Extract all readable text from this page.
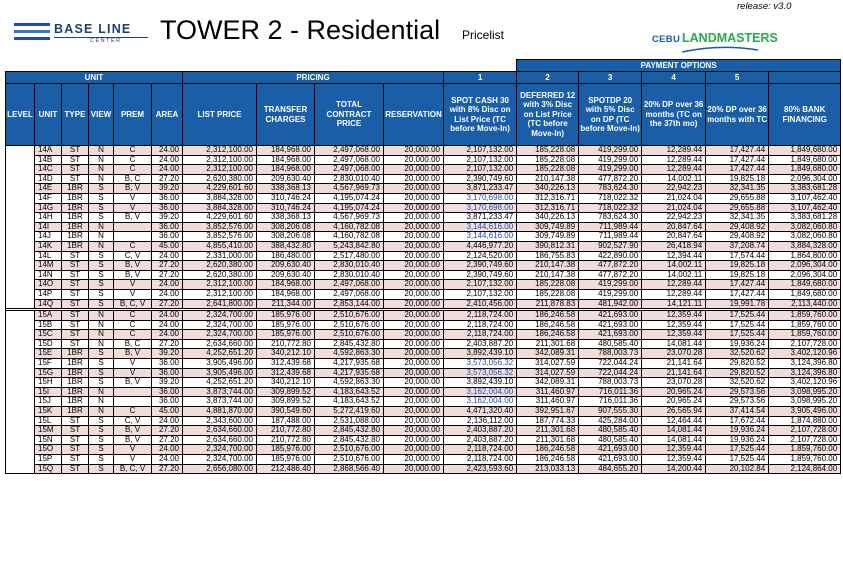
BASE LINE
CENTER TOWER 2 - Residential Pricelist
release: v3.0
CEBU LANDMASTERS
											PAYMENT OPTIONS				
UNIT						PRICING				1	2	3	4	5	
LEVEL	UNIT	TYPE	VIEW	PREM	AREA	LIST PRICE	TRANSFER CHARGES	TOTAL CONTRACT PRICE	RESERVATION	SPOT CASH 30 with 8% Disc on List Price (TC before Move-In)	DEFERRED 12 with 3% Disc on List Price (TC before Move-In)	SPOTDP 20 with 5% Disc on DP (TC before Move-In)	20% DP over 36 months (TC on the 37th mo)	20% DP over 36 months with TC	80% BANK FINANCING
	14A	ST	N	C	24.00	2,312,100.00	184,968.00	2,497,068.00	20,000.00	2,107,132.00	185,228.08	419,299.00	12,289.44	17,427.44	1,849,680.00
	14B	ST	N	C	24.00	2,312,100.00	184,968.00	2,497,068.00	20,000.00	2,107,132.00	185,228.08	419,299.00	12,289.44	17,427.44	1,849,680.00
	14C	ST	N	C	24.00	2,312,100.00	184,968.00	2,497,068.00	20,000.00	2,107,132.00	185,228.08	419,299.00	12,289.44	17,427.44	1,849,680.00
	14D	ST	N	B, C	27.20	2,620,380.00	209,630.40	2,830,010.40	20,000.00	2,390,749.60	210,147.38	477,872.20	14,002.11	19,825.18	2,096,304.00
	14E	1BR	S	B, V	39.20	4,229,601.60	338,368.13	4,567,969.73	20,000.00	3,871,233.47	340,226.13	783,624.30	22,942.23	32,341.35	3,383,681.28
	14F	1BR	S	V	36.00	3,884,328.00	310,746.24	4,195,074.24	20,000.00	3,170,698.00	312,316.71	718,022.32	21,024.04	29,655.88	3,107,462.40
	14G	1BR	S	V	36.00	3,884,328.00	310,746.24	4,195,074.24	20,000.00	3,170,698.00	312,316.71	718,022.32	21,024.04	29,655.88	3,107,462.40
	14H	1BR	S	B, V	39.20	4,229,601.60	338,368.13	4,567,969.73	20,000.00	3,871,233.47	340,226.13	783,624.30	22,942.23	32,341.35	3,383,681.28
	14I	1BR	N		36.00	3,852,576.00	308,206.08	4,160,782.08	20,000.00	3,144,616.00	309,749.89	711,989.44	20,847.64	29,408.92	3,082,060.80
	14J	1BR	N		36.00	3,852,576.00	308,206.08	4,160,782.08	20,000.00	3,144,616.00	309,749.89	711,989.44	20,847.64	29,408.92	3,082,060.80
	14K	1BR	N	C	45.00	4,855,410.00	388,432.80	5,243,842.80	20,000.00	4,446,977.20	390,812.31	902,527.90	26,418.94	37,208.74	3,884,328.00
	14L	ST	S	C, V	24.00	2,331,000.00	186,480.00	2,517,480.00	20,000.00	2,124,520.00	186,755.83	422,890.00	12,394.44	17,574.44	1,864,800.00
	14M	ST	S	B, V	27.20	2,620,380.00	209,630.40	2,830,010.40	20,000.00	2,390,749.60	210,147.38	477,872.20	14,002.11	19,825.18	2,096,304.00
	14N	ST	S	B, V	27.20	2,620,380.00	209,630.40	2,830,010.40	20,000.00	2,390,749.60	210,147.38	477,872.20	14,002.11	19,825.18	2,096,304.00
	14O	ST	S	V	24.00	2,312,100.00	184,968.00	2,497,068.00	20,000.00	2,107,132.00	185,228.08	419,299.00	12,289.44	17,427.44	1,849,680.00
	14P	ST	S	V	24.00	2,312,100.00	184,968.00	2,497,068.00	20,000.00	2,107,132.00	185,228.08	419,299.00	12,289.44	17,427.44	1,849,680.00
	14Q	ST	S	B, C, V	27.20	2,641,800.00	211,344.00	2,853,144.00	20,000.00	2,410,456.00	211,878.83	481,942.00	14,121.11	19,991.78	2,113,440.00

	15A	ST	N	C	24.00	2,324,700.00	185,976.00	2,510,676.00	20,000.00	2,118,724.00	186,246.58	421,693.00	12,359.44	17,525.44	1,859,760.00
	15B	ST	N	C	24.00	2,324,700.00	185,976.00	2,510,676.00	20,000.00	2,118,724.00	186,246.58	421,693.00	12,359.44	17,525.44	1,859,760.00
	15C	ST	N	C	24.00	2,324,700.00	185,976.00	2,510,676.00	20,000.00	2,118,724.00	186,246.58	421,693.00	12,359.44	17,525.44	1,859,760.00
	15D	ST	N	B, C	27.20	2,634,660.00	210,772.80	2,845,432.80	20,000.00	2,403,887.20	211,301.68	480,585.40	14,081.44	19,936.24	2,107,728.00
	15E	1BR	S	B, V	39.20	4,252,651.20	340,212.10	4,592,863.30	20,000.00	3,892,439.10	342,089.31	788,003.73	23,070.28	32,520.62	3,402,120.96
	15F	1BR	S	V	36.00	3,905,496.00	312,439.68	4,217,935.68	20,000.00	3,573,056.32	314,027.59	722,044.24	21,141.64	29,820.52	3,124,396.80
	15G	1BR	S	V	36.00	3,905,496.00	312,439.68	4,217,935.68	20,000.00	3,573,056.32	314,027.59	722,044.24	21,141.64	29,820.52	3,124,396.80
	15H	1BR	S	B, V	39.20	4,252,651.20	340,212.10	4,592,863.30	20,000.00	3,892,439.10	342,089.31	788,003.73	23,070.28	32,520.62	3,402,120.96
	15I	1BR	N		36.00	3,873,744.00	309,899.52	4,183,643.52	20,000.00	3,162,004.00	311,460.97	716,011.36	20,965.24	29,573.56	3,098,995.20
	15J	1BR	N		36.00	3,873,744.00	309,899.52	4,183,643.52	20,000.00	3,162,004.00	311,460.97	716,011.36	20,965.24	29,573.56	3,098,995.20
	15K	1BR	N	C	45.00	4,881,870.00	390,549.60	5,272,419.60	20,000.00	4,471,320.40	392,951.67	907,555.30	26,565.94	37,414.54	3,905,496.00
	15L	ST	S	C, V	24.00	2,343,600.00	187,488.00	2,531,088.00	20,000.00	2,136,112.00	187,774.33	425,284.00	12,464.44	17,672.44	1,874,880.00
	15M	ST	S	B, V	27.20	2,634,660.00	210,772.80	2,845,432.80	20,000.00	2,403,887.20	211,301.68	480,585.40	14,081.44	19,936.24	2,107,728.00
	15N	ST	S	B, V	27.20	2,634,660.00	210,772.80	2,845,432.80	20,000.00	2,403,887.20	211,301.68	480,585.40	14,081.44	19,936.24	2,107,728.00
	15O	ST	S	V	24.00	2,324,700.00	185,976.00	2,510,676.00	20,000.00	2,118,724.00	186,246.58	421,693.00	12,359.44	17,525.44	1,859,760.00
	15P	ST	S	V	24.00	2,324,700.00	185,976.00	2,510,676.00	20,000.00	2,118,724.00	186,246.58	421,693.00	12,359.44	17,525.44	1,859,760.00
	15Q	ST	S	B, C, V	27.20	2,656,080.00	212,486.40	2,868,566.40	20,000.00	2,423,593.60	213,033.13	484,655.20	14,200.44	20,102.84	2,124,864.00
